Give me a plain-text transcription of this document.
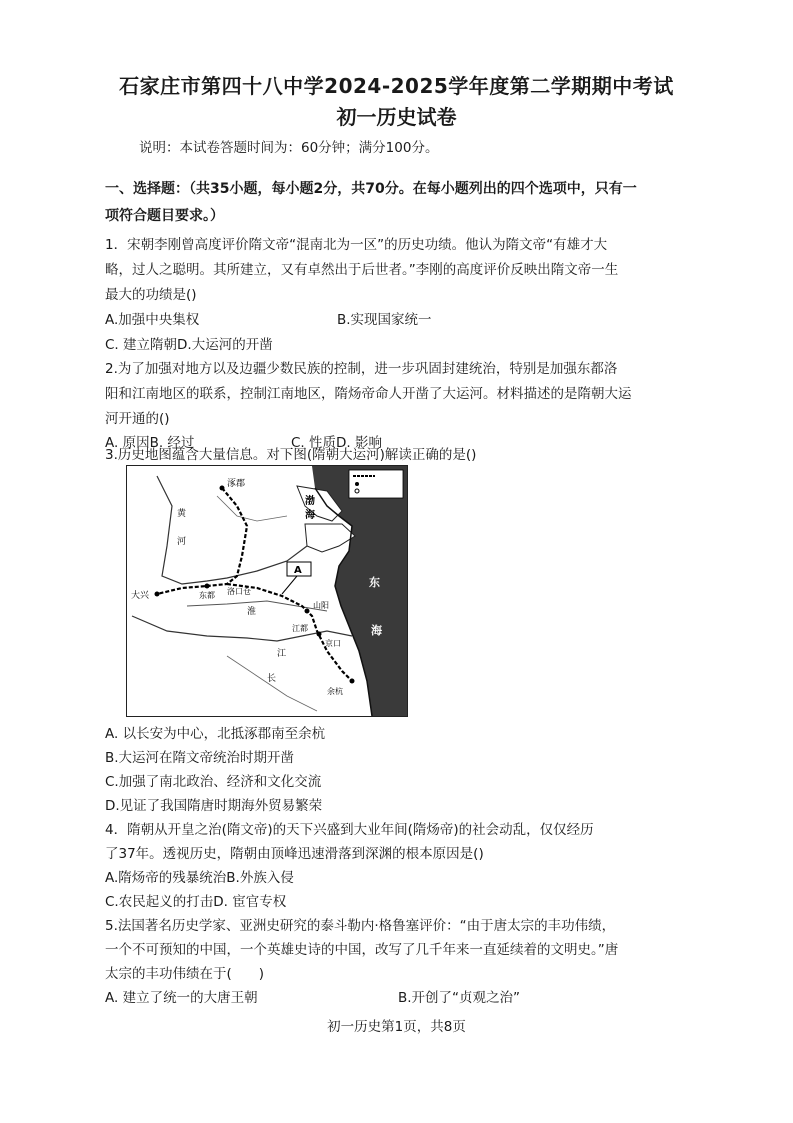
石家庄市第四十八中学2024-2025学年度第二学期期中考试
初一历史试卷
说明：本试卷答题时间为：60分钟；满分100分。
一、选择题：（共35小题，每小题2分，共70分。在每小题列出的四个选项中，只有一
项符合题目要求。）
1．宋朝李刚曾高度评价隋文帝“混南北为一区”的历史功绩。他认为隋文帝“有雄才大
略，过人之聪明。其所建立，又有卓然出于后世者。”李刚的高度评价反映出隋文帝一生
最大的功绩是()
A.加强中央集权	B.实现国家统一
C. 建立隋朝D.大运河的开凿
2.为了加强对地方以及边疆少数民族的控制，进一步巩固封建统治，特别是加强东都洛
阳和江南地区的联系，控制江南地区，隋炀帝命人开凿了大运河。材料描述的是隋朝大运
河开通的()
A. 原因B. 经过	C. 性质D. 影响
3.历史地图蕴含大量信息。对下图(隋朝大运河)解读正确的是()
涿郡
渤
海
黄
河
A
东
海
大兴	洛口仓
东都
淮
山阳
江都
京口
余杭
江
长
A. 以长安为中心，北抵涿郡南至余杭
B.大运河在隋文帝统治时期开凿
C.加强了南北政治、经济和文化交流
D.见证了我国隋唐时期海外贸易繁荣
4．隋朝从开皇之治(隋文帝)的天下兴盛到大业年间(隋炀帝)的社会动乱，仅仅经历
了37年。透视历史，隋朝由顶峰迅速滑落到深渊的根本原因是()
A.隋炀帝的残暴统治B.外族入侵
C.农民起义的打击D. 宦官专权
5.法国著名历史学家、亚洲史研究的泰斗勒内·格鲁塞评价：“由于唐太宗的丰功伟绩，
一个不可预知的中国，一个英雄史诗的中国，改写了几千年来一直延续着的文明史。”唐
太宗的丰功伟绩在于(　　)
A. 建立了统一的大唐王朝	B.开创了“贞观之治”
初一历史第1页，共8页
